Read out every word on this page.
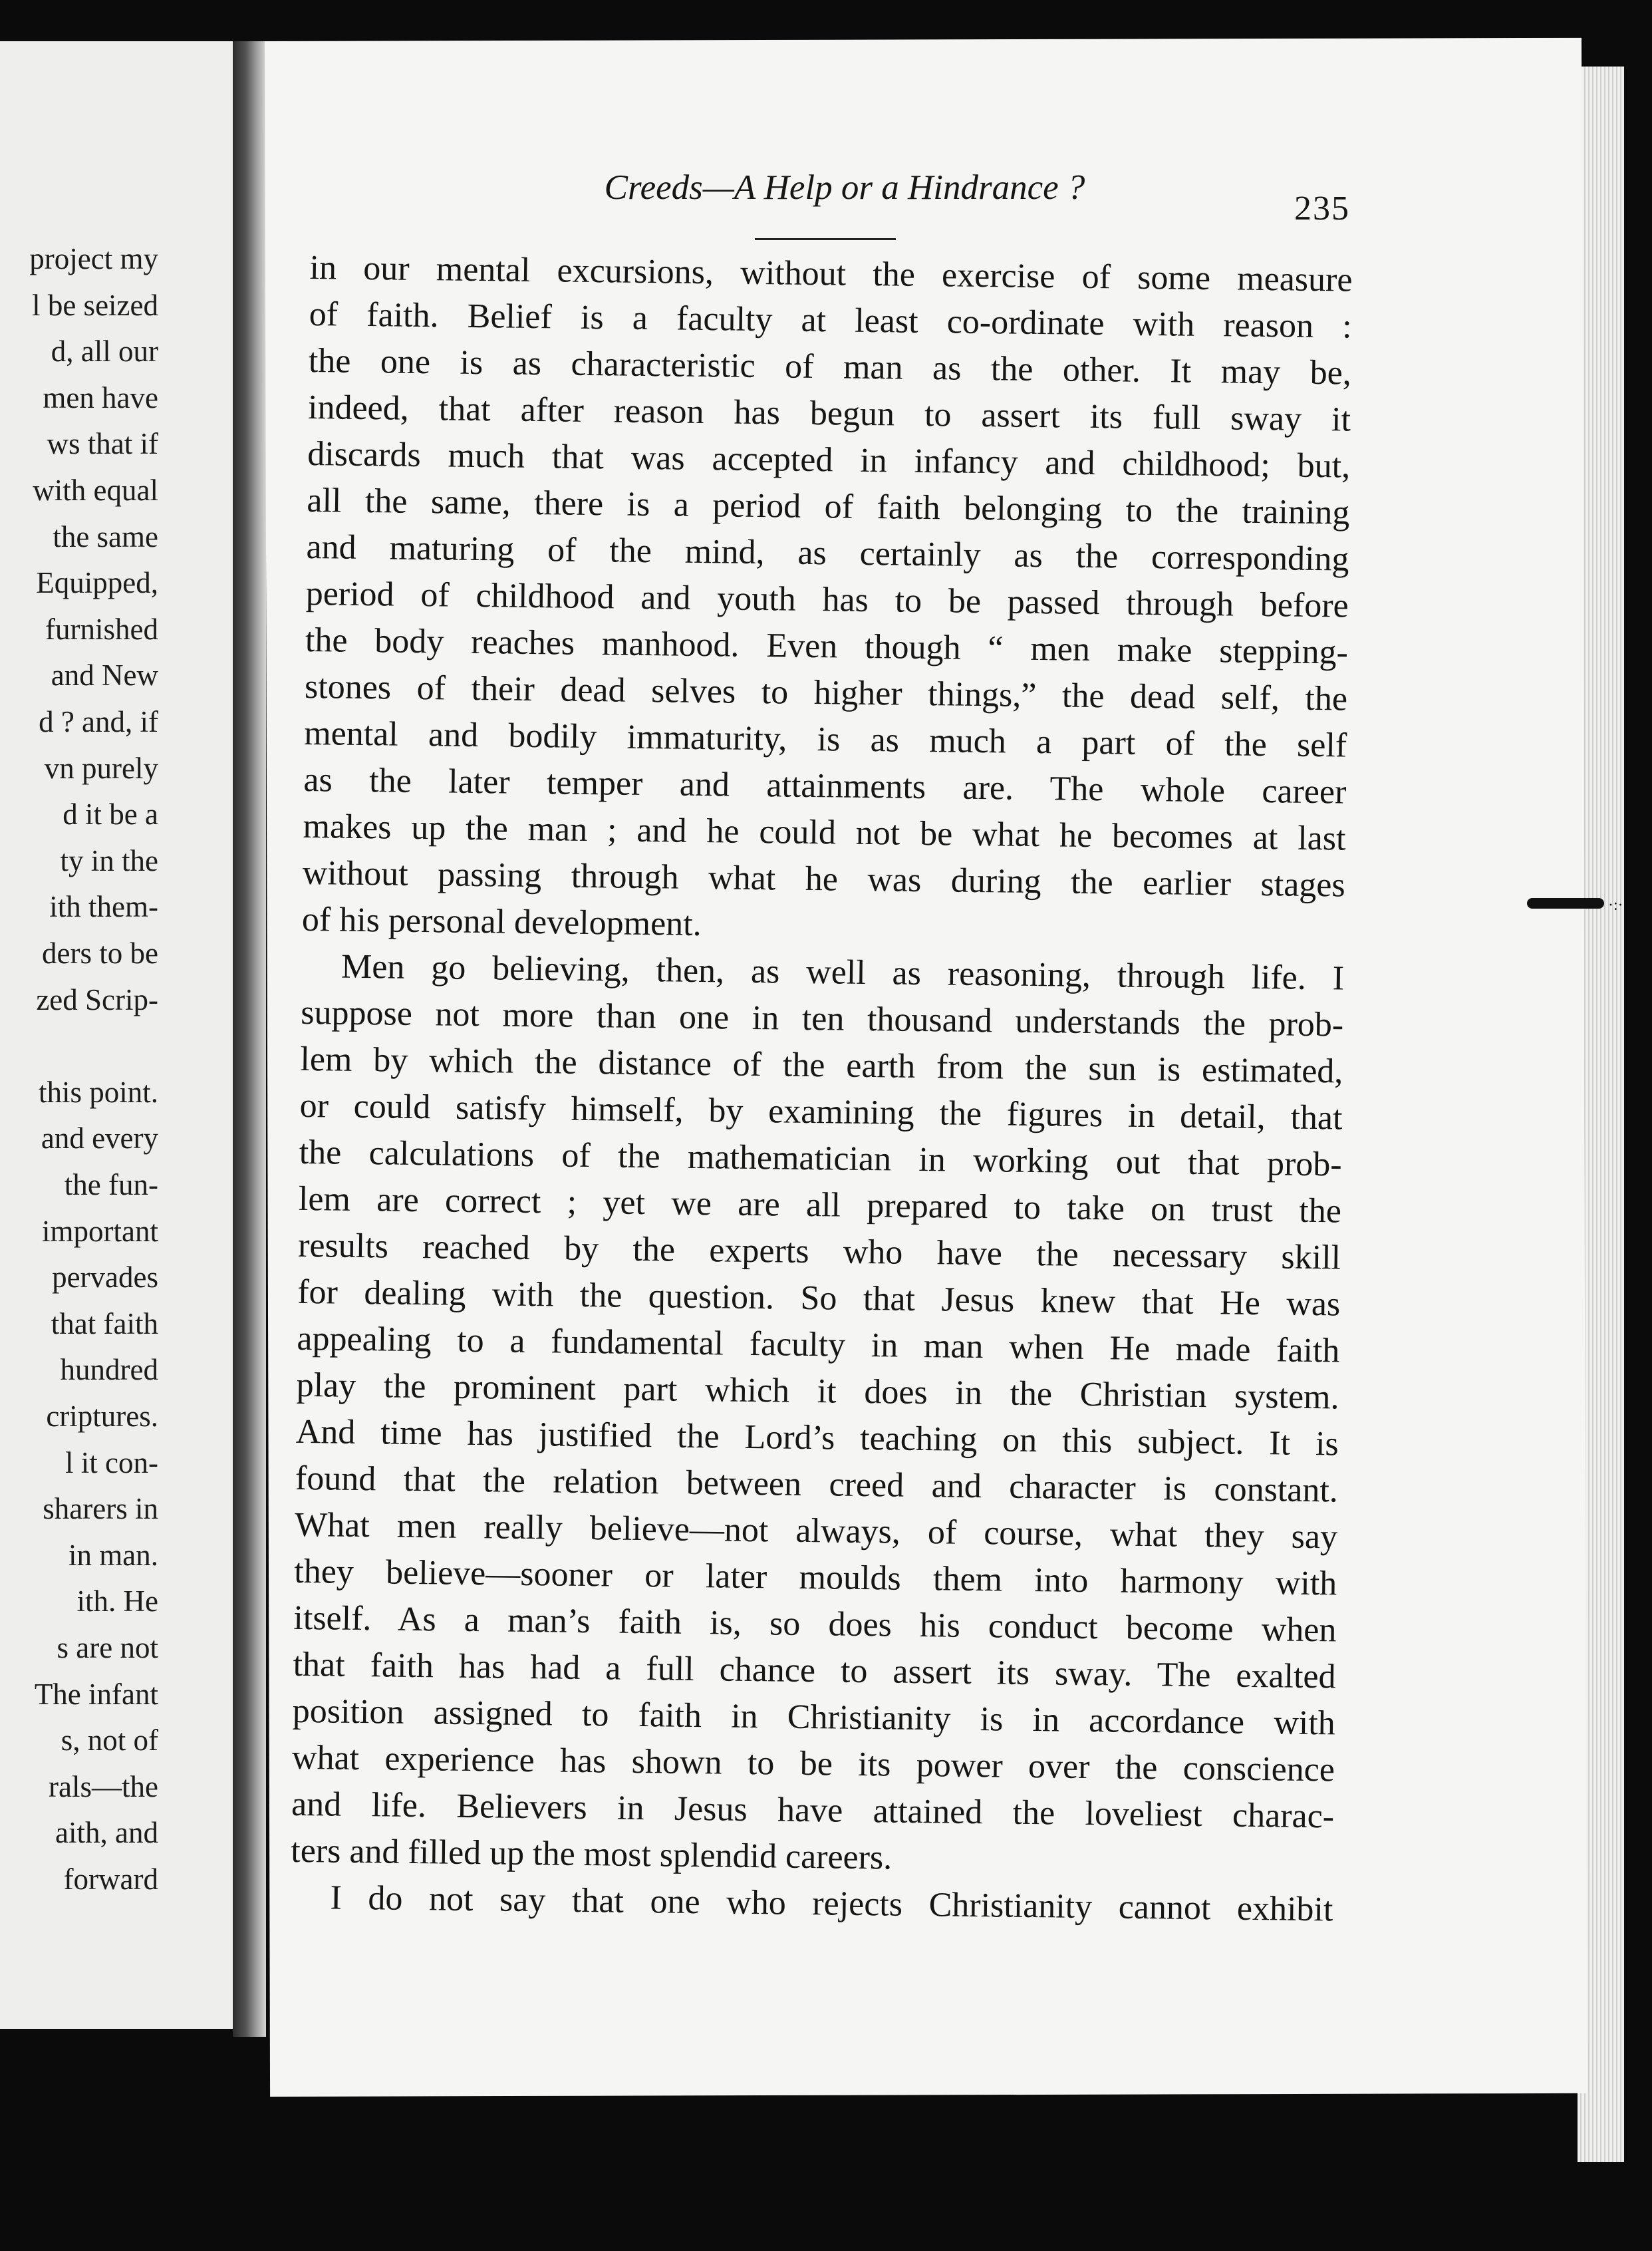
project my
l be seized
d, all our
men have
ws that if
with equal
the same
Equipped,
furnished
and New
d ? and, if
vn purely
d it be a
ty in the
ith them-
ders to be
zed Scrip-
this point.
and every
the fun-
important
pervades
that faith
hundred
criptures.
l it con-
sharers in
in man.
ith. He
s are not
The infant
s, not of
rals—the
aith, and
forward
Creeds—A Help or a Hindrance ?
235
in our mental excursions, without the exercise of some measure
of faith. Belief is a faculty at least co-ordinate with reason :
the one is as characteristic of man as the other. It may be,
indeed, that after reason has begun to assert its full sway it
discards much that was accepted in infancy and childhood; but,
all the same, there is a period of faith belonging to the training
and maturing of the mind, as certainly as the corresponding
period of childhood and youth has to be passed through before
the body reaches manhood. Even though “ men make stepping-
stones of their dead selves to higher things,” the dead self, the
mental and bodily immaturity, is as much a part of the self
as the later temper and attainments are. The whole career
makes up the man ; and he could not be what he becomes at last
without passing through what he was during the earlier stages
of his personal development.
Men go believing, then, as well as reasoning, through life. I
suppose not more than one in ten thousand understands the prob-
lem by which the distance of the earth from the sun is estimated,
or could satisfy himself, by examining the figures in detail, that
the calculations of the mathematician in working out that prob-
lem are correct ; yet we are all prepared to take on trust the
results reached by the experts who have the necessary skill
for dealing with the question. So that Jesus knew that He was
appealing to a fundamental faculty in man when He made faith
play the prominent part which it does in the Christian system.
And time has justified the Lord’s teaching on this subject. It is
found that the relation between creed and character is constant.
What men really believe—not always, of course, what they say
they believe—sooner or later moulds them into harmony with
itself. As a man’s faith is, so does his conduct become when
that faith has had a full chance to assert its sway. The exalted
position assigned to faith in Christianity is in accordance with
what experience has shown to be its power over the conscience
and life. Believers in Jesus have attained the loveliest charac-
ters and filled up the most splendid careers.
I do not say that one who rejects Christianity cannot exhibit
·:·
